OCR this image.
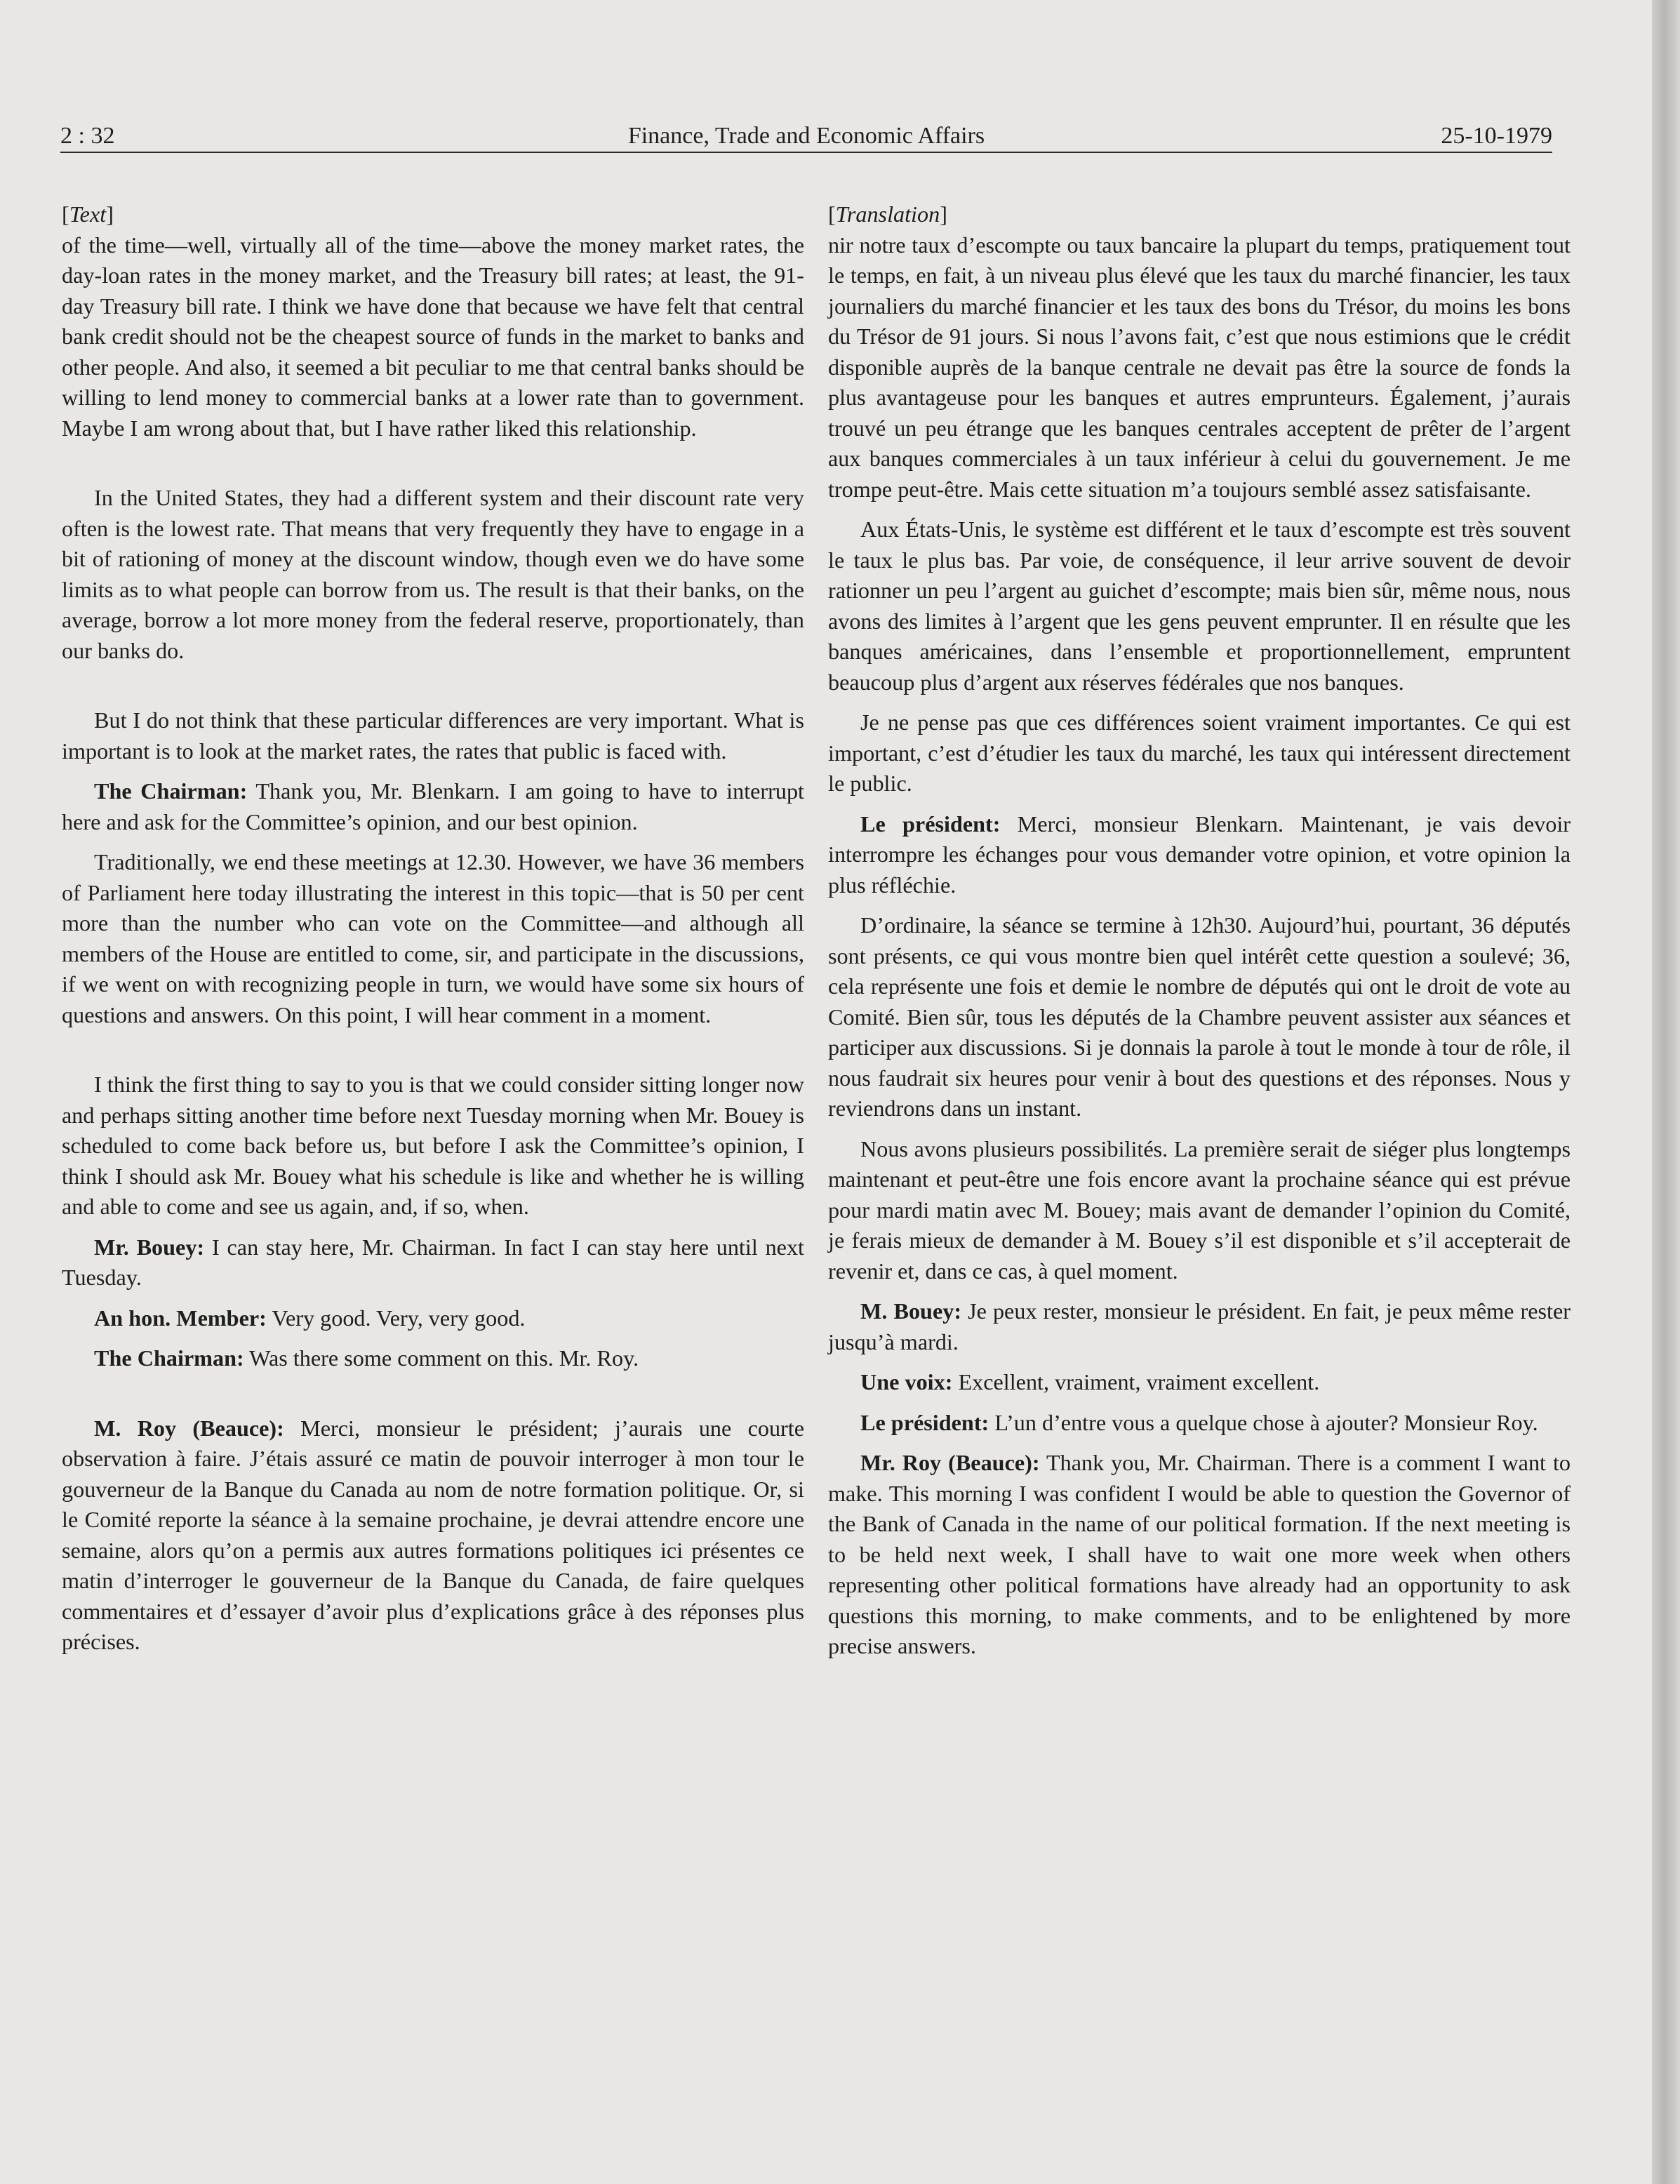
2 : 32	Finance, Trade and Economic Affairs	25-10-1979

[Text]

of the time—well, virtually all of the time—above the money market rates, the day-loan rates in the money market, and the Treasury bill rates; at least, the 91-day Treasury bill rate. I think we have done that because we have felt that central bank credit should not be the cheapest source of funds in the market to banks and other people. And also, it seemed a bit peculiar to me that central banks should be willing to lend money to commercial banks at a lower rate than to government. Maybe I am wrong about that, but I have rather liked this relationship.

In the United States, they had a different system and their discount rate very often is the lowest rate. That means that very frequently they have to engage in a bit of rationing of money at the discount window, though even we do have some limits as to what people can borrow from us. The result is that their banks, on the average, borrow a lot more money from the federal reserve, proportionately, than our banks do.

But I do not think that these particular differences are very important. What is important is to look at the market rates, the rates that public is faced with.

The Chairman: Thank you, Mr. Blenkarn. I am going to have to interrupt here and ask for the Committee’s opinion, and our best opinion.

Traditionally, we end these meetings at 12.30. However, we have 36 members of Parliament here today illustrating the interest in this topic—that is 50 per cent more than the number who can vote on the Committee—and although all members of the House are entitled to come, sir, and participate in the discussions, if we went on with recognizing people in turn, we would have some six hours of questions and answers. On this point, I will hear comment in a moment.

I think the first thing to say to you is that we could consider sitting longer now and perhaps sitting another time before next Tuesday morning when Mr. Bouey is scheduled to come back before us, but before I ask the Committee’s opinion, I think I should ask Mr. Bouey what his schedule is like and whether he is willing and able to come and see us again, and, if so, when.

Mr. Bouey: I can stay here, Mr. Chairman. In fact I can stay here until next Tuesday.

An hon. Member: Very good. Very, very good.

The Chairman: Was there some comment on this. Mr. Roy.

M. Roy (Beauce): Merci, monsieur le président; j’aurais une courte observation à faire. J’étais assuré ce matin de pouvoir interroger à mon tour le gouverneur de la Banque du Canada au nom de notre formation politique. Or, si le Comité reporte la séance à la semaine prochaine, je devrai attendre encore une semaine, alors qu’on a permis aux autres formations politiques ici présentes ce matin d’interroger le gouverneur de la Banque du Canada, de faire quelques commentaires et d’essayer d’avoir plus d’explications grâce à des réponses plus précises.

[Translation]

nir notre taux d’escompte ou taux bancaire la plupart du temps, pratiquement tout le temps, en fait, à un niveau plus élevé que les taux du marché financier, les taux journaliers du marché financier et les taux des bons du Trésor, du moins les bons du Trésor de 91 jours. Si nous l’avons fait, c’est que nous estimions que le crédit disponible auprès de la banque centrale ne devait pas être la source de fonds la plus avantageuse pour les banques et autres emprunteurs. Également, j’aurais trouvé un peu étrange que les banques centrales acceptent de prêter de l’argent aux banques commerciales à un taux inférieur à celui du gouvernement. Je me trompe peut-être. Mais cette situation m’a toujours semblé assez satisfaisante.

Aux États-Unis, le système est différent et le taux d’escompte est très souvent le taux le plus bas. Par voie, de conséquence, il leur arrive souvent de devoir rationner un peu l’argent au guichet d’escompte; mais bien sûr, même nous, nous avons des limites à l’argent que les gens peuvent emprunter. Il en résulte que les banques américaines, dans l’ensemble et proportionnellement, empruntent beaucoup plus d’argent aux réserves fédérales que nos banques.

Je ne pense pas que ces différences soient vraiment importantes. Ce qui est important, c’est d’étudier les taux du marché, les taux qui intéressent directement le public.

Le président: Merci, monsieur Blenkarn. Maintenant, je vais devoir interrompre les échanges pour vous demander votre opinion, et votre opinion la plus réfléchie.

D’ordinaire, la séance se termine à 12h30. Aujourd’hui, pourtant, 36 députés sont présents, ce qui vous montre bien quel intérêt cette question a soulevé; 36, cela représente une fois et demie le nombre de députés qui ont le droit de vote au Comité. Bien sûr, tous les députés de la Chambre peuvent assister aux séances et participer aux discussions. Si je donnais la parole à tout le monde à tour de rôle, il nous faudrait six heures pour venir à bout des questions et des réponses. Nous y reviendrons dans un instant.

Nous avons plusieurs possibilités. La première serait de siéger plus longtemps maintenant et peut-être une fois encore avant la prochaine séance qui est prévue pour mardi matin avec M. Bouey; mais avant de demander l’opinion du Comité, je ferais mieux de demander à M. Bouey s’il est disponible et s’il accepterait de revenir et, dans ce cas, à quel moment.

M. Bouey: Je peux rester, monsieur le président. En fait, je peux même rester jusqu’à mardi.

Une voix: Excellent, vraiment, vraiment excellent.

Le président: L’un d’entre vous a quelque chose à ajouter? Monsieur Roy.

Mr. Roy (Beauce): Thank you, Mr. Chairman. There is a comment I want to make. This morning I was confident I would be able to question the Governor of the Bank of Canada in the name of our political formation. If the next meeting is to be held next week, I shall have to wait one more week when others representing other political formations have already had an opportunity to ask questions this morning, to make comments, and to be enlightened by more precise answers.
